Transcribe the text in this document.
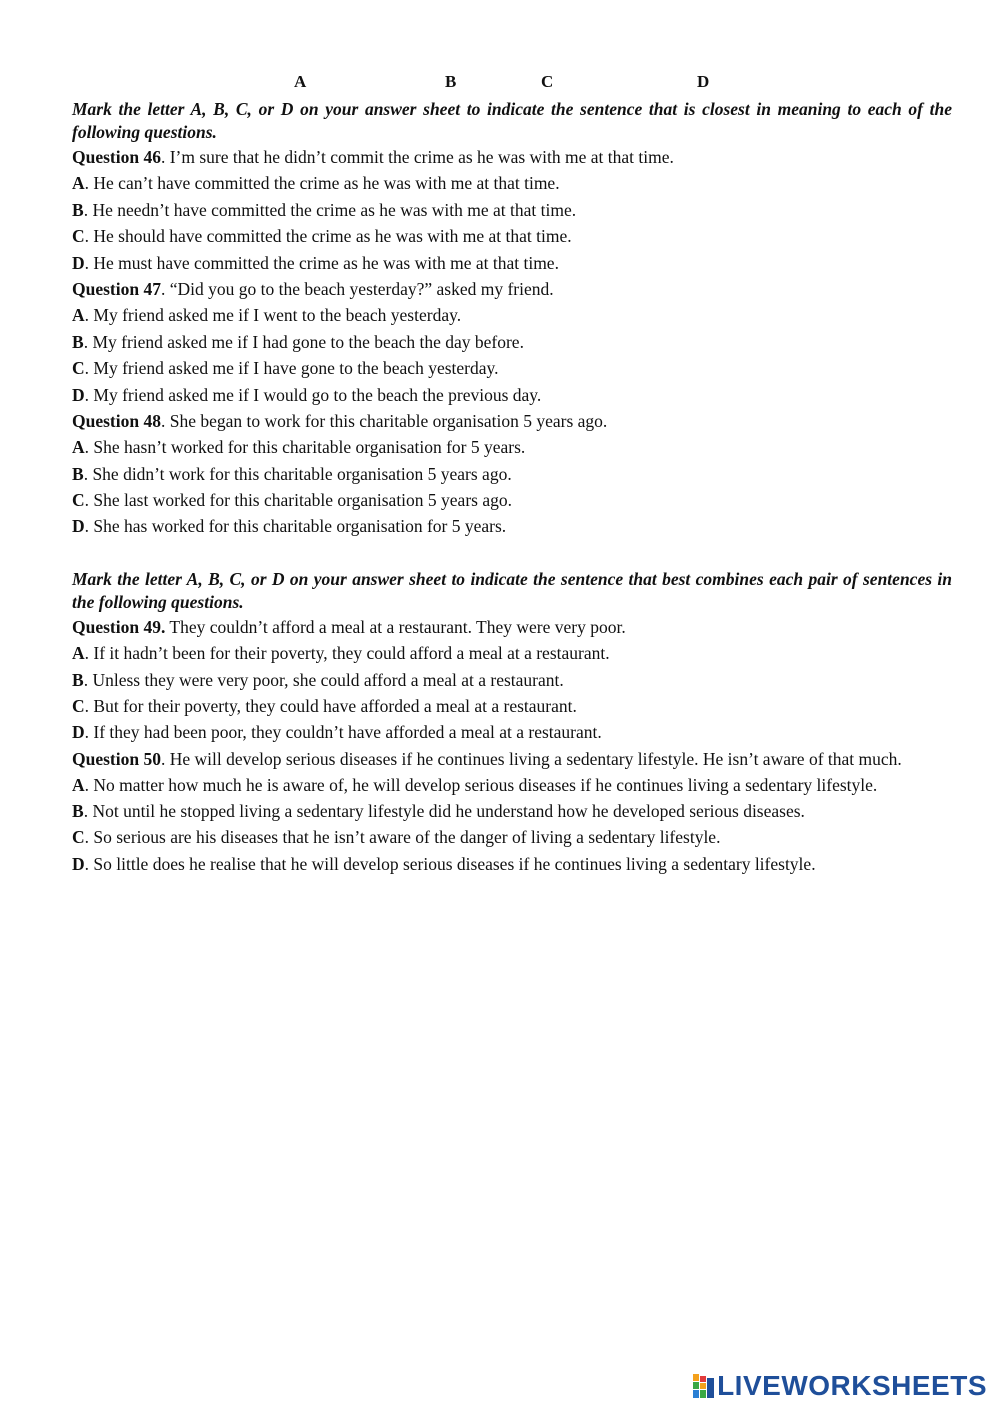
A	B	C	D

Mark the letter A, B, C, or D on your answer sheet to indicate the sentence that is closest in meaning to each of the following questions.

Question 46. I’m sure that he didn’t commit the crime as he was with me at that time.

A. He can’t have committed the crime as he was with me at that time.

B. He needn’t have committed the crime as he was with me at that time.

C. He should have committed the crime as he was with me at that time.

D. He must have committed the crime as he was with me at that time.

Question 47. “Did you go to the beach yesterday?” asked my friend.

A. My friend asked me if I went to the beach yesterday.

B. My friend asked me if I had gone to the beach the day before.

C. My friend asked me if I have gone to the beach yesterday.

D. My friend asked me if I would go to the beach the previous day.

Question 48. She began to work for this charitable organisation 5 years ago.

A. She hasn’t worked for this charitable organisation for 5 years.

B. She didn’t work for this charitable organisation 5 years ago.

C. She last worked for this charitable organisation 5 years ago.

D. She has worked for this charitable organisation for 5 years.

Mark the letter A, B, C, or D on your answer sheet to indicate the sentence that best combines each pair of sentences in the following questions.

Question 49. They couldn’t afford a meal at a restaurant. They were very poor.

A. If it hadn’t been for their poverty, they could afford a meal at a restaurant.

B. Unless they were very poor, she could afford a meal at a restaurant.

C. But for their poverty, they could have afforded a meal at a restaurant.

D. If they had been poor, they couldn’t have afforded a meal at a restaurant.

Question 50. He will develop serious diseases if he continues living a sedentary lifestyle. He isn’t aware of that much.

A. No matter how much he is aware of, he will develop serious diseases if he continues living a sedentary lifestyle.

B. Not until he stopped living a sedentary lifestyle did he understand how he developed serious diseases.

C. So serious are his diseases that he isn’t aware of the danger of living a sedentary lifestyle.

D. So little does he realise that he will develop serious diseases if he continues living a sedentary lifestyle.

LIVEWORKSHEETS
